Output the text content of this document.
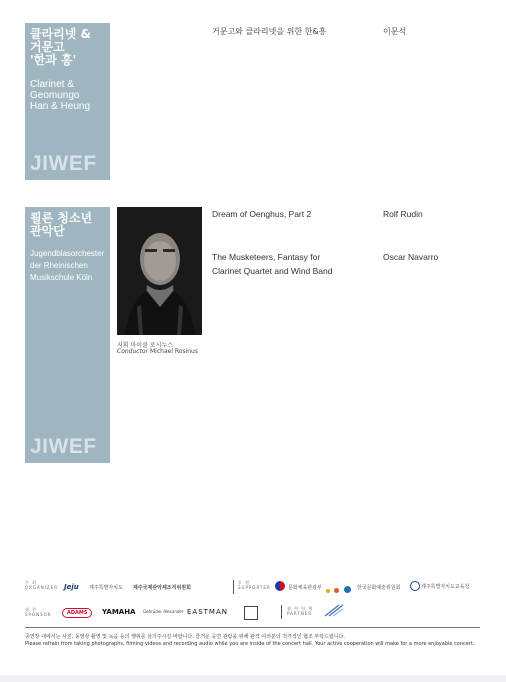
클라리넷 &
거문고
'한과 흥'
Clarinet &
Geomungo
Han & Heung
JIWEF
거문고와 클라리넷을 위한 한&흥	이문석
쾰른 청소년
관악단
Jugendblasorchester
der Rheinischen
Musikschule Köln
JIWEF
지휘 마이클 로시누스
Conductor Michael Rosinus
Dream of Oenghus, Part 2	Rolf Rudin
The Musketeers, Fantasy for
Clarinet Quartet and Wind Band
Oscar Navarro
주 최
ORGANIZER Jeju 제주특별자치도 제주국제관악제조직위원회
후 원
SUPPORTER	문화체육관광부
	한국문화예술위원회	제주특별자치도교육청
협 찬
SPONSOR	ADAMS	YAMAHA Gebrüder Alexander EASTMAN	협 력 단 체
PARTNER
공연장 내에서는 사진, 동영상 촬영 및 녹음 등의 행위를 삼가주시길 바랍니다. 즐거운 공연 관람을 위해 관객 여러분의 적극적인 협조 부탁드립니다.
Please refrain from taking photographs, filming videos and recording audio while you are inside of the concert hall. Your active cooperation will make for a more enjoyable concert.
